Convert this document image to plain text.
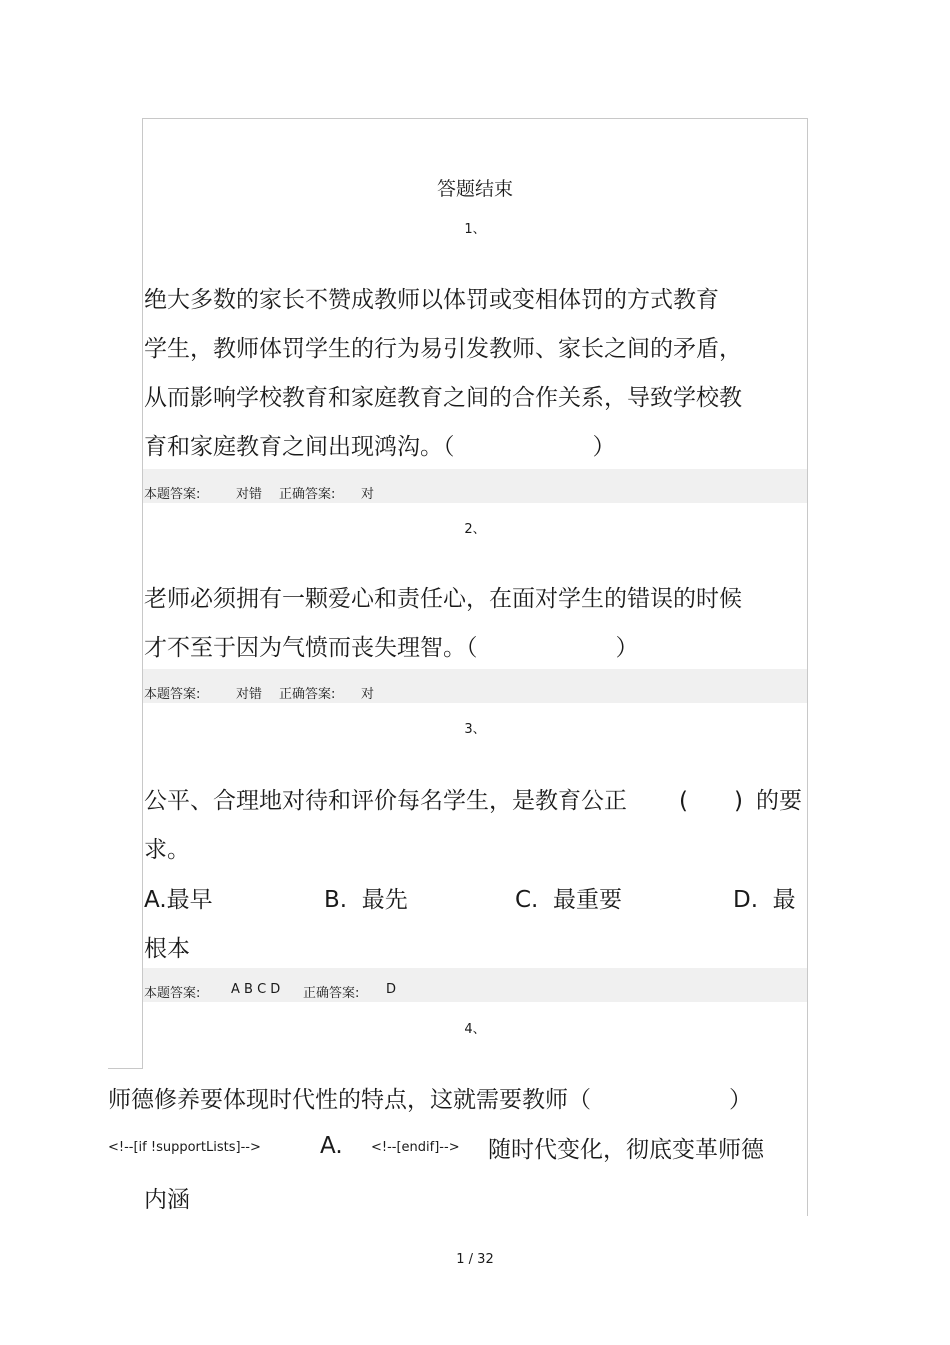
答题结束
1、
绝大多数的家长不赞成教师以体罚或变相体罚的方式教育
学生，教师体罚学生的行为易引发教师、家长之间的矛盾，
从而影响学校教育和家庭教育之间的合作关系，导致学校教
育和家庭教育之间出现鸿沟。（　　　　　　）
本题答案:	对错 正确答案: 对
2、
老师必须拥有一颗爱心和责任心，在面对学生的错误的时候
才不至于因为气愤而丧失理智。（　　　　　　）
本题答案:	对错 正确答案: 对
3、
公平、合理地对待和评价每名学生，是教育公正 (　　) 的要
求。
A.最早	B. 最先	C. 最重要	D. 最
根本
本题答案: A B C D 正确答案: D
4、
师德修养要体现时代性的特点，这就需要教师（　　　　　　）
<!--[if !supportLists]-->	A. <!--[endif]--> 随时代变化，彻底变革师德
内涵
1 / 32
